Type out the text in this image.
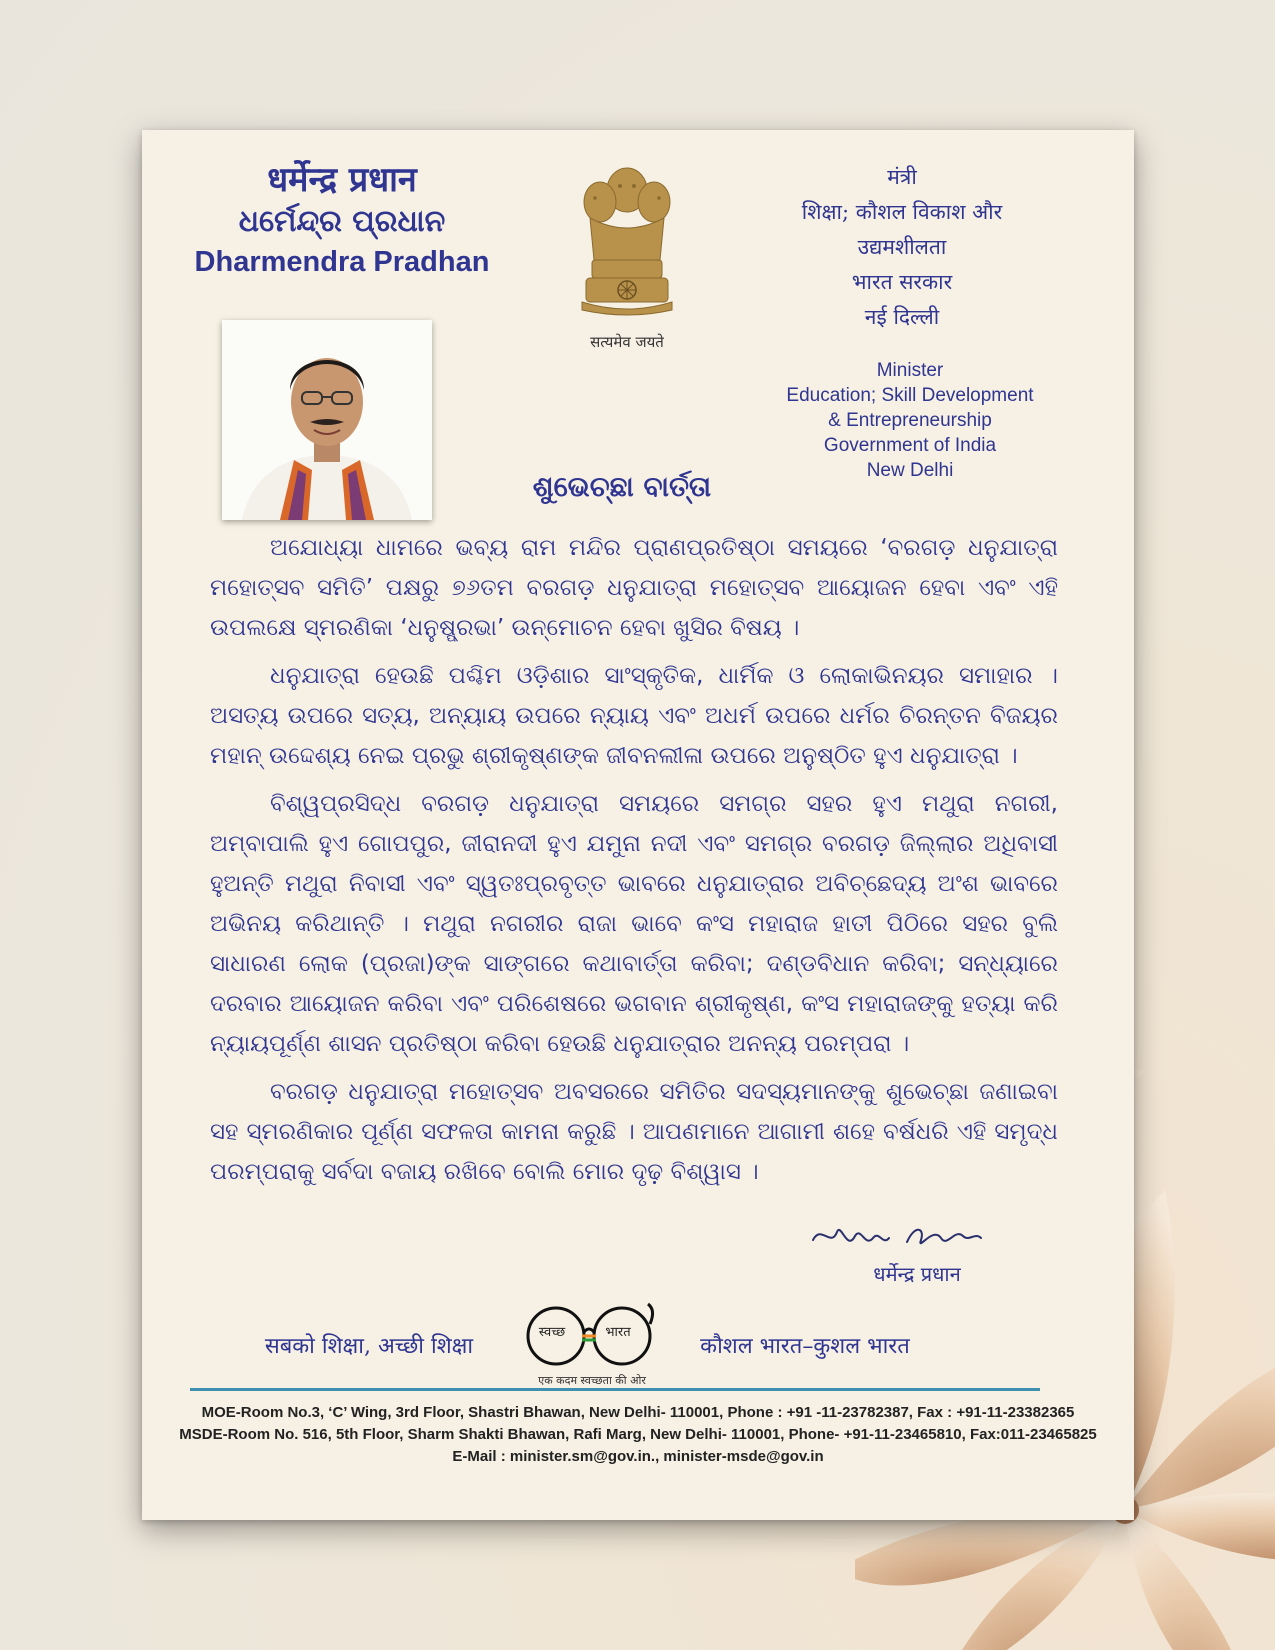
धर्मेन्द्र प्रधान
ଧର୍ମେନ୍ଦ୍ର ପ୍ରଧାନ
Dharmendra Pradhan
सत्यमेव जयते
मंत्री
शिक्षा; कौशल विकाश और
उद्यमशीलता
भारत सरकार
नई दिल्ली
Minister
Education; Skill Development
& Entrepreneurship
Government of India
New Delhi
ଶୁଭେଚ୍ଛା ବାର୍ତ୍ତା

ଅଯୋଧ୍ୟା ଧାମରେ ଭବ୍ୟ ରାମ ମନ୍ଦିର ପ୍ରାଣପ୍ରତିଷ୍ଠା ସମୟରେ ‘ବରଗଡ଼ ଧନୁଯାତ୍ରା ମହୋତ୍ସବ ସମିତି’ ପକ୍ଷରୁ ୭୬ତମ ବରଗଡ଼ ଧନୁଯାତ୍ରା ମହୋତ୍ସବ ଆୟୋଜନ ହେବା ଏବଂ ଏହି ଉପଲକ୍ଷେ ସ୍ମରଣିକା ‘ଧନୁଷ୍ପ୍ରଭା’ ଉନ୍ମୋଚନ ହେବା ଖୁସିର ବିଷୟ ।

ଧନୁଯାତ୍ରା ହେଉଛି ପଶ୍ଚିମ ଓଡ଼ିଶାର ସାଂସ୍କୃତିକ, ଧାର୍ମିକ ଓ ଲୋକାଭିନୟର ସମାହାର । ଅସତ୍ୟ ଉପରେ ସତ୍ୟ, ଅନ୍ୟାୟ ଉପରେ ନ୍ୟାୟ ଏବଂ ଅଧର୍ମ ଉପରେ ଧର୍ମର ଚିରନ୍ତନ ବିଜୟର ମହାନ୍ ଉଦ୍ଦେଶ୍ୟ ନେଇ ପ୍ରଭୁ ଶ୍ରୀକୃଷ୍ଣଙ୍କ ଜୀବନଲୀଳା ଉପରେ ଅନୁଷ୍ଠିତ ହୁଏ ଧନୁଯାତ୍ରା ।

ବିଶ୍ୱପ୍ରସିଦ୍ଧ ବରଗଡ଼ ଧନୁଯାତ୍ରା ସମୟରେ ସମଗ୍ର ସହର ହୁଏ ମଥୁରା ନଗରୀ, ଅମ୍ବାପାଲି ହୁଏ ଗୋପପୁର, ଜୀରାନଦୀ ହୁଏ ଯମୁନା ନଦୀ ଏବଂ ସମଗ୍ର ବରଗଡ଼ ଜିଲ୍ଲାର ଅଧିବାସୀ ହୁଅନ୍ତି ମଥୁରା ନିବାସୀ ଏବଂ ସ୍ୱତଃପ୍ରବୃତ୍ତ ଭାବରେ ଧନୁଯାତ୍ରାର ଅବିଚ୍ଛେଦ୍ୟ ଅଂଶ ଭାବରେ ଅଭିନୟ କରିଥାନ୍ତି । ମଥୁରା ନଗରୀର ରାଜା ଭାବେ କଂସ ମହାରାଜ ହାତୀ ପିଠିରେ ସହର ବୁଲି ସାଧାରଣ ଲୋକ (ପ୍ରଜା)ଙ୍କ ସାଙ୍ଗରେ କଥାବାର୍ତ୍ତା କରିବା; ଦଣ୍ଡବିଧାନ କରିବା; ସନ୍ଧ୍ୟାରେ ଦରବାର ଆୟୋଜନ କରିବା ଏବଂ ପରିଶେଷରେ ଭଗବାନ ଶ୍ରୀକୃଷ୍ଣ, କଂସ ମହାରାଜଙ୍କୁ ହତ୍ୟା କରି ନ୍ୟାୟପୂର୍ଣ୍ଣ ଶାସନ ପ୍ରତିଷ୍ଠା କରିବା ହେଉଛି ଧନୁଯାତ୍ରାର ଅନନ୍ୟ ପରମ୍ପରା ।

ବରଗଡ଼ ଧନୁଯାତ୍ରା ମହୋତ୍ସବ ଅବସରରେ ସମିତିର ସଦସ୍ୟମାନଙ୍କୁ ଶୁଭେଚ୍ଛା ଜଣାଇବା ସହ ସ୍ମରଣିକାର ପୂର୍ଣ୍ଣ ସଫଳତା କାମନା କରୁଛି । ଆପଣମାନେ ଆଗାମୀ ଶହେ ବର୍ଷଧରି ଏହି ସମୃଦ୍ଧ ପରମ୍ପରାକୁ ସର୍ବଦା ବଜାୟ ରଖିବେ ବୋଲି ମୋର ଦୃଢ଼ ବିଶ୍ୱାସ ।

धर्मेन्द्र प्रधान
सबको शिक्षा, अच्छी शिक्षा
स्वच्छ	भारत
एक कदम स्वच्छता की ओर
कौशल भारत–कुशल भारत
MOE-Room No.3, ‘C’ Wing, 3rd Floor, Shastri Bhawan, New Delhi- 110001, Phone : +91 -11-23782387, Fax : +91-11-23382365
MSDE-Room No. 516, 5th Floor, Sharm Shakti Bhawan, Rafi Marg, New Delhi- 110001, Phone- +91-11-23465810, Fax:011-23465825
E-Mail : minister.sm@gov.in., minister-msde@gov.in
